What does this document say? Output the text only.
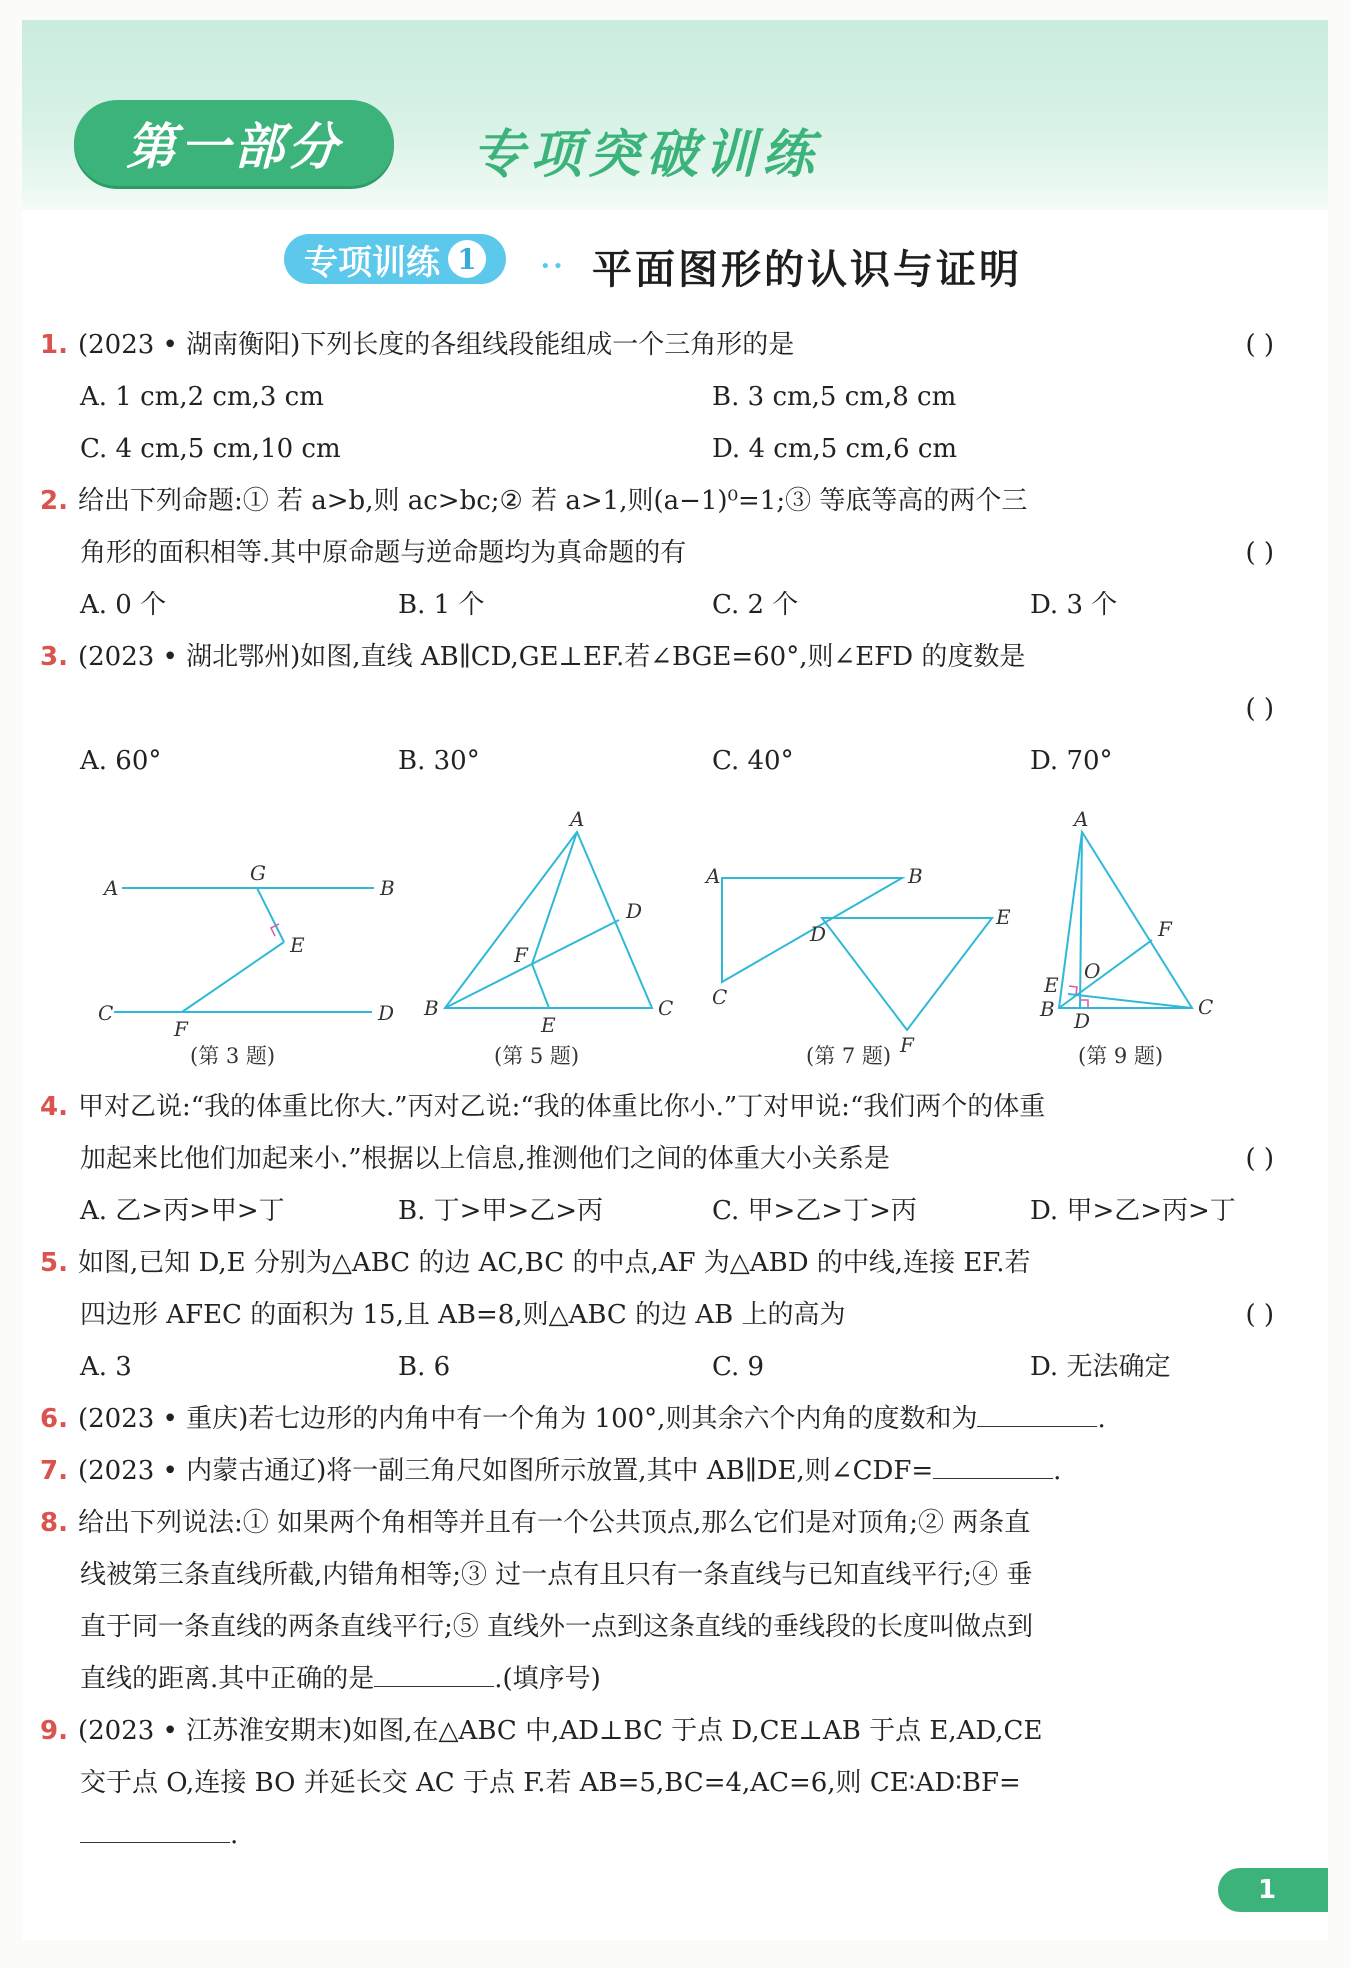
第一部分	专项突破训练
专项训练 1	•• 平面图形的认识与证明
1. (2023 • 湖南衡阳)下列长度的各组线段能组成一个三角形的是	( )
A. 1 cm,2 cm,3 cm	B. 3 cm,5 cm,8 cm
C. 4 cm,5 cm,10 cm	D. 4 cm,5 cm,6 cm
2. 给出下列命题:① 若 a>b,则 ac>bc;② 若 a>1,则(a−1)⁰=1;③ 等底等高的两个三
角形的面积相等.其中原命题与逆命题均为真命题的有	( )
A. 0 个	B. 1 个	C. 2 个	D. 3 个
3. (2023 • 湖北鄂州)如图,直线 AB∥CD,GE⊥EF.若∠BGE=60°,则∠EFD 的度数是
( )
A. 60°	B. 30°	C. 40°	D. 70°
A
G
B
E
C
F
D
A
D
F
B
E
C
A	B
D
E
C
F
A
F
O
E
B D
C
(第 3 题)	(第 5 题)	(第 7 题)	(第 9 题)
4. 甲对乙说:“我的体重比你大.”丙对乙说:“我的体重比你小.”丁对甲说:“我们两个的体重
加起来比他们加起来小.”根据以上信息,推测他们之间的体重大小关系是	( )
A. 乙>丙>甲>丁	B. 丁>甲>乙>丙	C. 甲>乙>丁>丙	D. 甲>乙>丙>丁
5. 如图,已知 D,E 分别为△ABC 的边 AC,BC 的中点,AF 为△ABD 的中线,连接 EF.若
四边形 AFEC 的面积为 15,且 AB=8,则△ABC 的边 AB 上的高为	( )
A. 3	B. 6	C. 9	D. 无法确定
6. (2023 • 重庆)若七边形的内角中有一个角为 100°,则其余六个内角的度数和为	.
7. (2023 • 内蒙古通辽)将一副三角尺如图所示放置,其中 AB∥DE,则∠CDF=	.
8. 给出下列说法:① 如果两个角相等并且有一个公共顶点,那么它们是对顶角;② 两条直
线被第三条直线所截,内错角相等;③ 过一点有且只有一条直线与已知直线平行;④ 垂
直于同一条直线的两条直线平行;⑤ 直线外一点到这条直线的垂线段的长度叫做点到
直线的距离.其中正确的是	.(填序号)
9. (2023 • 江苏淮安期末)如图,在△ABC 中,AD⊥BC 于点 D,CE⊥AB 于点 E,AD,CE
交于点 O,连接 BO 并延长交 AC 于点 F.若 AB=5,BC=4,AC=6,则 CE∶AD∶BF=
.
1
